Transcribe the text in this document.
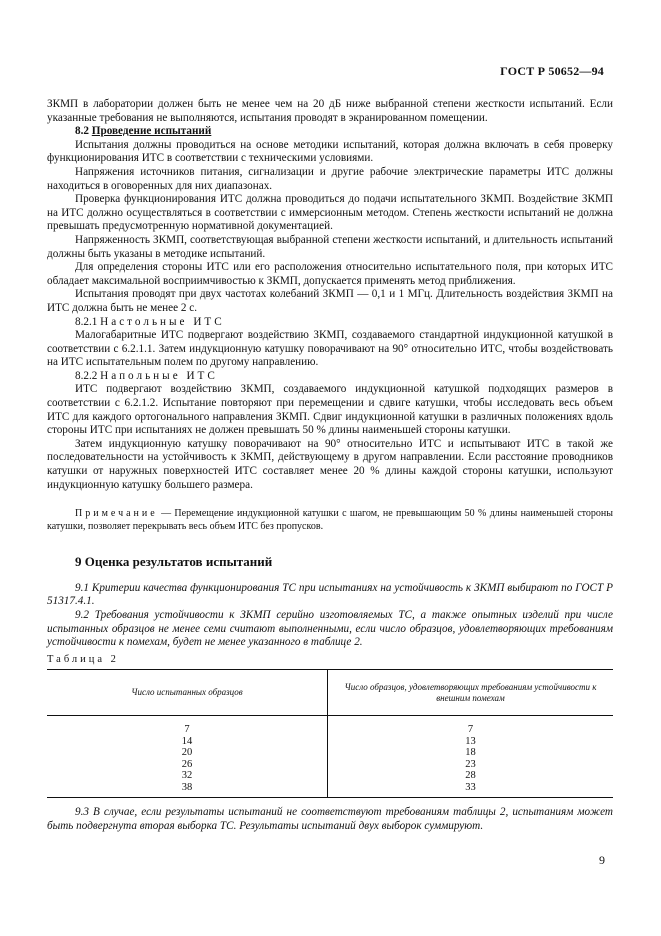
ГОСТ Р 50652—94

ЗКМП в лаборатории должен быть не менее чем на 20 дБ ниже выбранной степени жесткости испытаний. Если указанные требования не выполняются, испытания проводят в экранированном помещении.

8.2 Проведение испытаний

Испытания должны проводиться на основе методики испытаний, которая должна включать в себя проверку функционирования ИТС в соответствии с техническими условиями.

Напряжения источников питания, сигнализации и другие рабочие электрические параметры ИТС должны находиться в оговоренных для них диапазонах.

Проверка функционирования ИТС должна проводиться до подачи испытательного ЗКМП. Воздействие ЗКМП на ИТС должно осуществляться в соответствии с иммерсионным методом. Степень жесткости испытаний не должна превышать предусмотренную нормативной документацией.

Напряженность ЗКМП, соответствующая выбранной степени жесткости испытаний, и длительность испытаний должны быть указаны в методике испытаний.

Для определения стороны ИТС или его расположения относительно испытательного поля, при которых ИТС обладает максимальной восприимчивостью к ЗКМП, допускается применять метод приближения.

Испытания проводят при двух частотах колебаний ЗКМП — 0,1 и 1 МГц. Длительность воздействия ЗКМП на ИТС должна быть не менее 2 с.

8.2.1 Настольные ИТС

Малогабаритные ИТС подвергают воздействию ЗКМП, создаваемого стандартной индукционной катушкой в соответствии с 6.2.1.1. Затем индукционную катушку поворачивают на 90° относительно ИТС, чтобы воздействовать на ИТС испытательным полем по другому направлению.

8.2.2 Напольные ИТС

ИТС подвергают воздействию ЗКМП, создаваемого индукционной катушкой подходящих размеров в соответствии с 6.2.1.2. Испытание повторяют при перемещении и сдвиге катушки, чтобы исследовать весь объем ИТС для каждого ортогонального направления ЗКМП. Сдвиг индукционной катушки в различных положениях вдоль стороны ИТС при испытаниях не должен превышать 50 % длины наименьшей стороны катушки.

Затем индукционную катушку поворачивают на 90° относительно ИТС и испытывают ИТС в такой же последовательности на устойчивость к ЗКМП, действующему в другом направлении. Если расстояние проводников катушки от наружных поверхностей ИТС составляет менее 20 % длины каждой стороны катушки, используют индукционную катушку большего размера.

Примечание — Перемещение индукционной катушки с шагом, не превышающим 50 % длины наименьшей стороны катушки, позволяет перекрывать весь объем ИТС без пропусков.

9 Оценка результатов испытаний

9.1 Критерии качества функционирования ТС при испытаниях на устойчивость к ЗКМП выбирают по ГОСТ Р 51317.4.1.

9.2 Требования устойчивости к ЗКМП серийно изготовляемых ТС, а также опытных изделий при числе испытанных образцов не менее семи считают выполненными, если число образцов, удовлетворяющих требованиям устойчивости к помехам, будет не менее указанного в таблице 2.

Таблица 2

Число испытанных образцов	Число образцов, удовлетворяющих требованиям устойчивости к внешним помехам
7	7
14	13
20	18
26	23
32	28
38	33

9.3 В случае, если результаты испытаний не соответствуют требованиям таблицы 2, испытаниям может быть подвергнута вторая выборка ТС. Результаты испытаний двух выборок суммируют.

9
